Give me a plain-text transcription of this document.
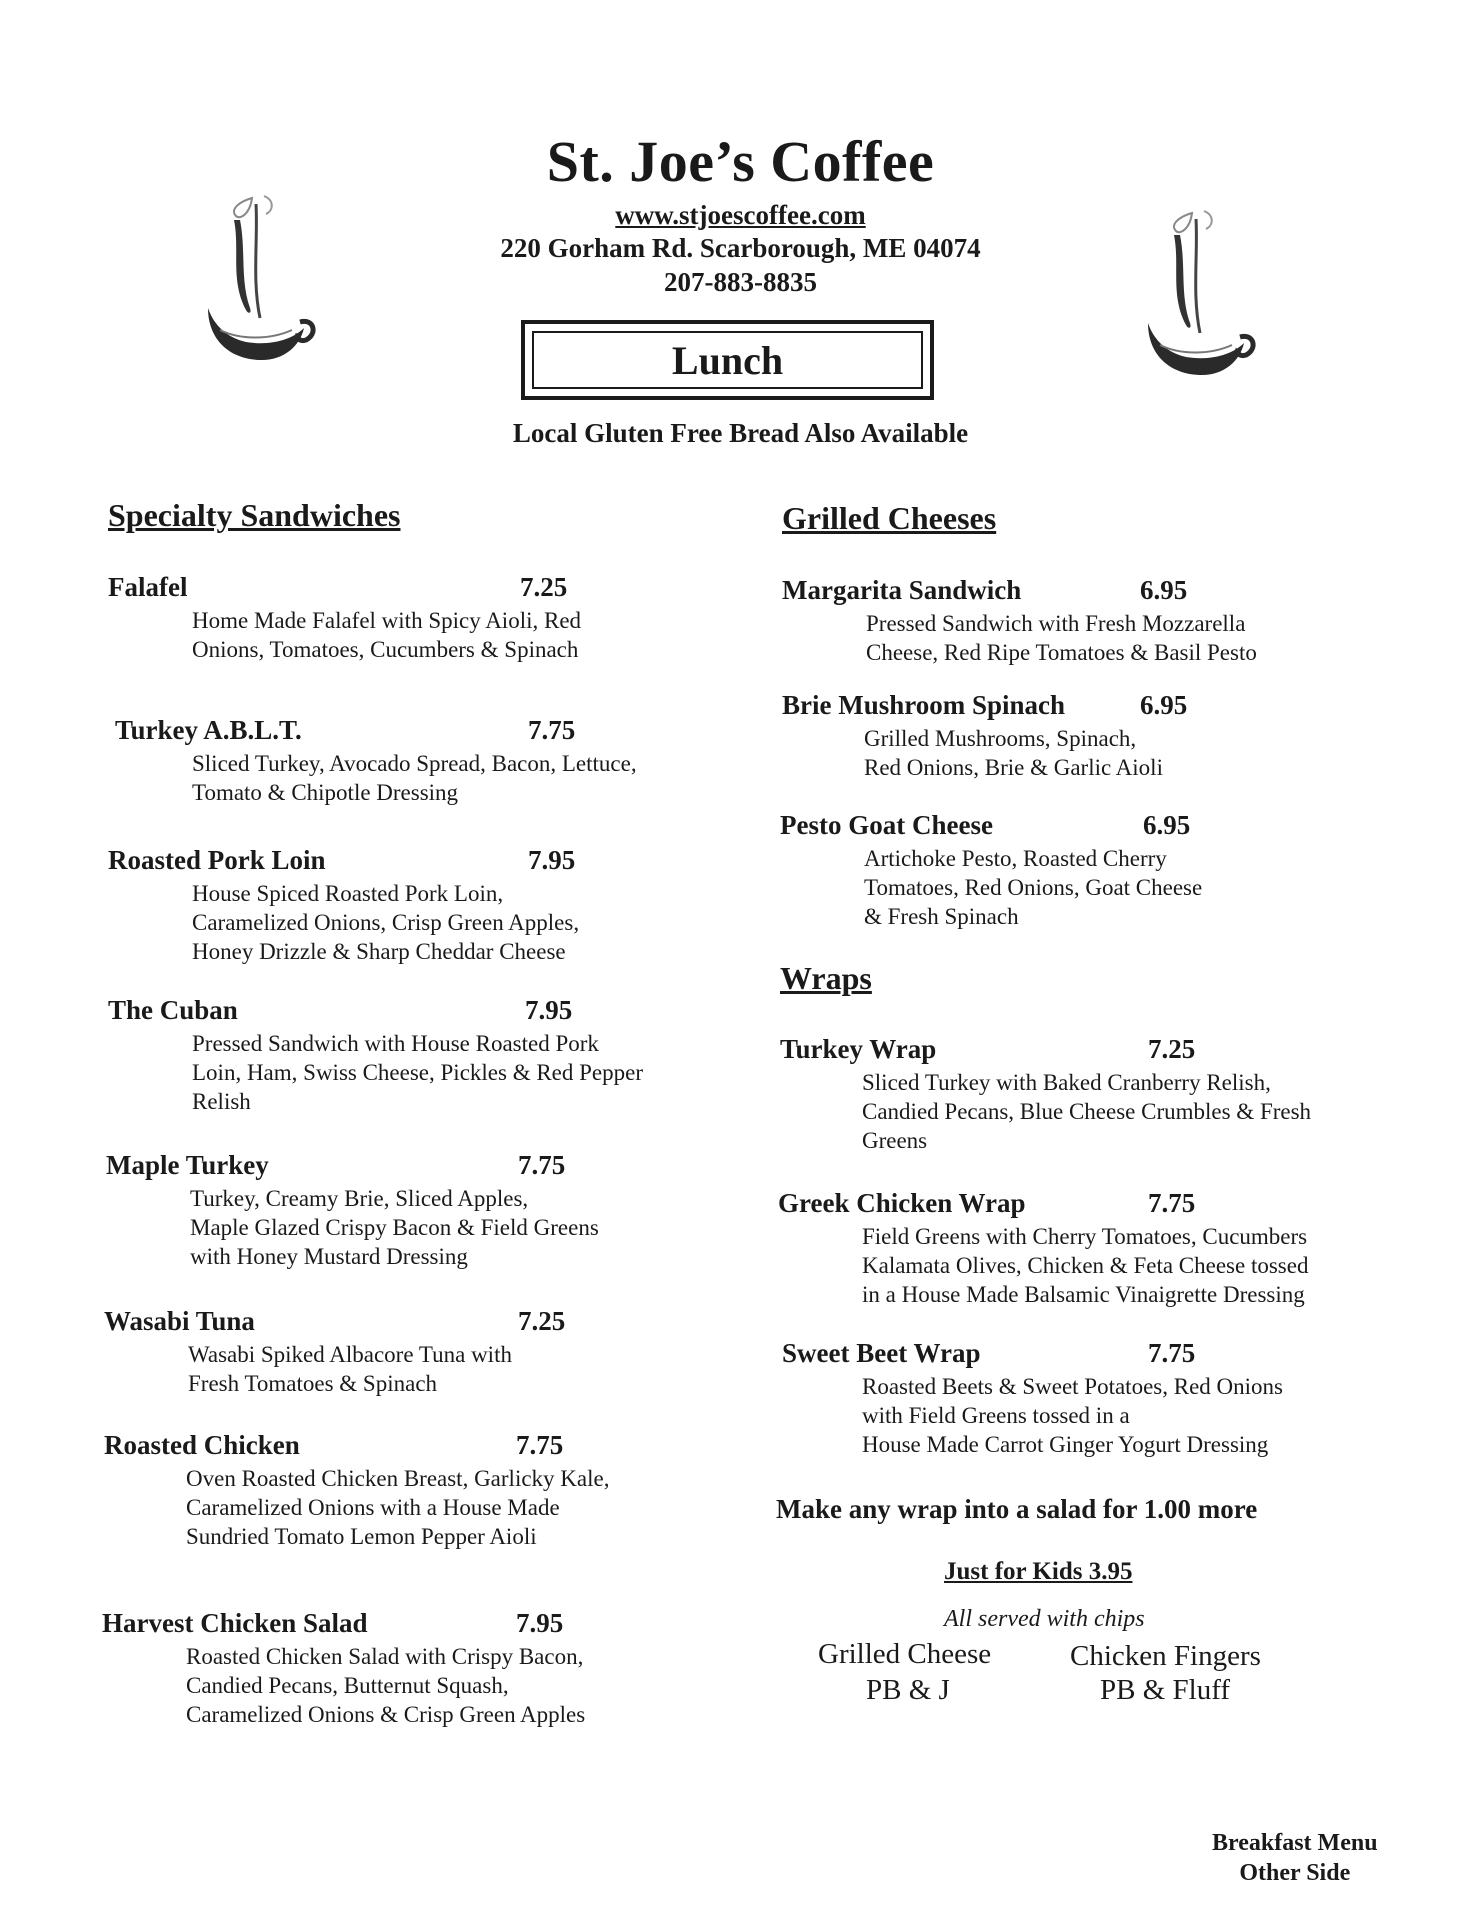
St. Joe’s Coffee
www.stjoescoffee.com
220 Gorham Rd. Scarborough, ME 04074
207-883-8835
Lunch
Local Gluten Free Bread Also Available
Specialty Sandwiches	Grilled Cheeses
Wraps
Falafel	7.25
Home Made Falafel with Spicy Aioli, Red
Onions, Tomatoes, Cucumbers & Spinach
Turkey A.B.L.T.	7.75
Sliced Turkey, Avocado Spread, Bacon, Lettuce,
Tomato & Chipotle Dressing
Roasted Pork Loin	7.95
House Spiced Roasted Pork Loin,
Caramelized Onions, Crisp Green Apples,
Honey Drizzle & Sharp Cheddar Cheese
The Cuban	7.95
Pressed Sandwich with House Roasted Pork
Loin, Ham, Swiss Cheese, Pickles & Red Pepper
Relish
Maple Turkey	7.75
Turkey, Creamy Brie, Sliced Apples,
Maple Glazed Crispy Bacon & Field Greens
with Honey Mustard Dressing
Wasabi Tuna	7.25
Wasabi Spiked Albacore Tuna with
Fresh Tomatoes & Spinach
Roasted Chicken	7.75
Oven Roasted Chicken Breast, Garlicky Kale,
Caramelized Onions with a House Made
Sundried Tomato Lemon Pepper Aioli
Harvest Chicken Salad	7.95
Roasted Chicken Salad with Crispy Bacon,
Candied Pecans, Butternut Squash,
Caramelized Onions & Crisp Green Apples
Margarita Sandwich	6.95
Pressed Sandwich with Fresh Mozzarella
Cheese, Red Ripe Tomatoes & Basil Pesto
Brie Mushroom Spinach	6.95
Grilled Mushrooms, Spinach,
Red Onions, Brie & Garlic Aioli
Pesto Goat Cheese	6.95
Artichoke Pesto, Roasted Cherry
Tomatoes, Red Onions, Goat Cheese
& Fresh Spinach
Turkey Wrap	7.25
Sliced Turkey with Baked Cranberry Relish,
Candied Pecans, Blue Cheese Crumbles & Fresh
Greens
Greek Chicken Wrap	7.75
Field Greens with Cherry Tomatoes, Cucumbers
Kalamata Olives, Chicken & Feta Cheese tossed
in a House Made Balsamic Vinaigrette Dressing
Sweet Beet Wrap	7.75
Roasted Beets & Sweet Potatoes, Red Onions
with Field Greens tossed in a
House Made Carrot Ginger Yogurt Dressing
Make any wrap into a salad for 1.00 more
Just for Kids 3.95
All served with chips
Grilled Cheese	Chicken Fingers
PB & J	PB & Fluff
Breakfast Menu
Other Side
